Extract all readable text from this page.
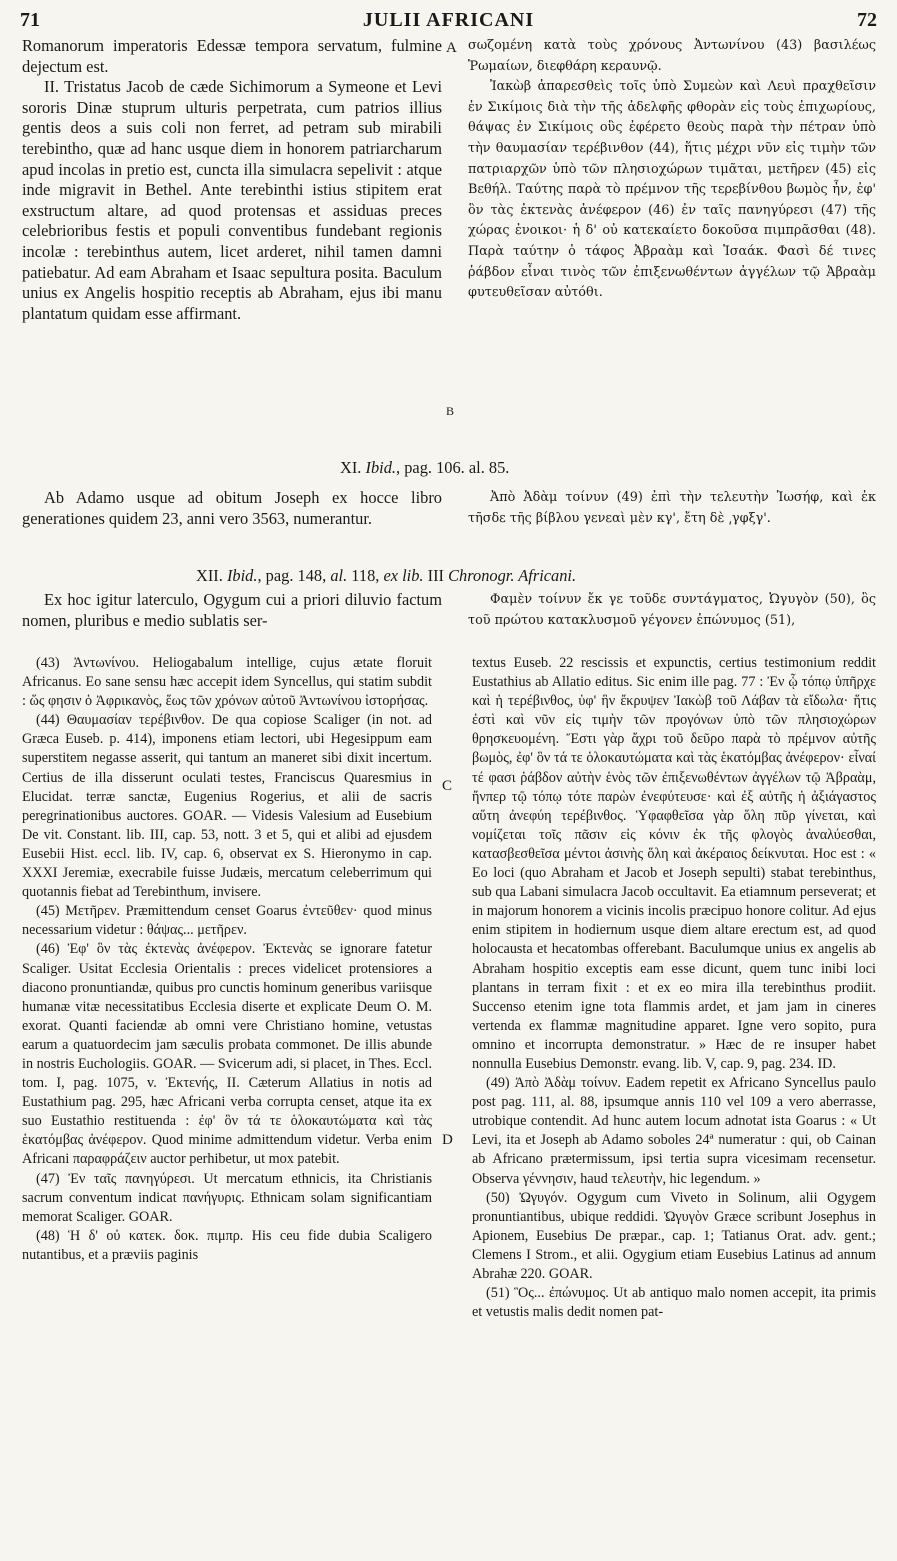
71	JULII AFRICANI	72

Romanorum imperatoris Edessæ tempora servatum, fulmine dejectum est.

II. Tristatus Jacob de cæde Sichimorum a Symeone et Levi sororis Dinæ stuprum ulturis perpetrata, cum patrios illius gentis deos a suis coli non ferret, ad petram sub mirabili terebintho, quæ ad hanc usque diem in honorem patriarcharum apud incolas in pretio est, cuncta illa simulacra sepelivit : atque inde migravit in Bethel. Ante terebinthi istius stipitem erat exstructum altare, ad quod protensas et assiduas preces celebrioribus festis et populi conventibus fundebant regionis incolæ : terebinthus autem, licet arderet, nihil tamen damni patiebatur. Ad eam Abraham et Isaac sepultura posita. Baculum unius ex Angelis hospitio receptis ab Abraham, ejus ibi manu plantatum quidam esse affirmant.

A
B

σωζομένη κατὰ τοὺς χρόνους Ἀντωνίνου (43) βασιλέως Ῥωμαίων, διεφθάρη κεραυνῷ.

Ἰακὼβ ἀπαρεσθεὶς τοῖς ὑπὸ Συμεὼν καὶ Λευὶ πραχθεῖσιν ἐν Σικίμοις διὰ τὴν τῆς ἀδελφῆς φθορὰν εἰς τοὺς ἐπιχωρίους, θάψας ἐν Σικίμοις οὓς ἐφέρετο θεοὺς παρὰ τὴν πέτραν ὑπὸ τὴν θαυμασίαν τερέβινθον (44), ἥτις μέχρι νῦν εἰς τιμὴν τῶν πατριαρχῶν ὑπὸ τῶν πλησιοχώρων τιμᾶται, μετῆρεν (45) εἰς Βεθήλ. Ταύτης παρὰ τὸ πρέμνον τῆς τερεβίνθου βωμὸς ἦν, ἐφ' ὃν τὰς ἐκτενὰς ἀνέφερον (46) ἐν ταῖς πανηγύρεσι (47) τῆς χώρας ἐνοικοι· ἡ δ' οὐ κατεκαίετο δοκοῦσα πιμπρᾶσθαι (48). Παρὰ ταύτην ὁ τάφος Ἀβραὰμ καὶ Ἰσαάκ. Φασὶ δέ τινες ῥάβδον εἶναι τινὸς τῶν ἐπιξενωθέντων ἀγγέλων τῷ Ἀβραὰμ φυτευθεῖσαν αὐτόθι.

XI. Ibid., pag. 106. al. 85.

Ab Adamo usque ad obitum Joseph ex hocce libro generationes quidem 23, anni vero 3563, numerantur.

Ἀπὸ Ἀδὰμ τοίνυν (49) ἐπὶ τὴν τελευτὴν Ἰωσήφ, καὶ ἐκ τῆσδε τῆς βίβλου γενεαὶ μὲν κγ', ἔτη δὲ ͵γφξγ'.

XII. Ibid., pag. 148, al. 118, ex lib. III Chronogr. Africani.

Ex hoc igitur laterculo, Ogygum cui a priori diluvio factum nomen, pluribus e medio sublatis ser-

Φαμὲν τοίνυν ἔκ γε τοῦδε συντάγματος, Ὠγυγὸν (50), ὃς τοῦ πρώτου κατακλυσμοῦ γέγονεν ἐπώνυμος (51),

(43) Ἀντωνίνου. Heliogabalum intellige, cujus ætate floruit Africanus. Eo sane sensu hæc accepit idem Syncellus, qui statim subdit : ὥς φησιν ὁ Ἀφρικανὸς, ἕως τῶν χρόνων αὐτοῦ Ἀντωνίνου ἱστορήσας.

(44) Θαυμασίαν τερέβινθον. De qua copiose Scaliger (in not. ad Græca Euseb. p. 414), imponens etiam lectori, ubi Hegesippum eam superstitem negasse asserit, qui tantum an maneret sibi dixit incertum. Certius de illa disserunt oculati testes, Franciscus Quaresmius in Elucidat. terræ sanctæ, Eugenius Rogerius, et alii de sacris peregrinationibus auctores. GOAR. — Videsis Valesium ad Eusebium De vit. Constant. lib. III, cap. 53, nott. 3 et 5, qui et alibi ad ejusdem Eusebii Hist. eccl. lib. IV, cap. 6, observat ex S. Hieronymo in cap. XXXI Jeremiæ, execrabile fuisse Judæis, mercatum celeberrimum qui quotannis fiebat ad Terebinthum, invisere.

(45) Μετῆρεν. Præmittendum censet Goarus ἐντεῦθεν· quod minus necessarium videtur : θάψας... μετῆρεν.

(46) Ἐφ' ὃν τὰς ἐκτενὰς ἀνέφερον. Ἐκτενὰς se ignorare fatetur Scaliger. Usitat Ecclesia Orientalis : preces videlicet protensiores a diacono pronuntiandæ, quibus pro cunctis hominum generibus variisque humanæ vitæ necessitatibus Ecclesia diserte et explicate Deum O. M. exorat. Quanti faciendæ ab omni vere Christiano homine, vetustas earum a quatuordecim jam sæculis probata commonet. De illis abunde in nostris Euchologiis. GOAR. — Svicerum adi, si placet, in Thes. Eccl. tom. I, pag. 1075, v. Ἐκτενής, II. Cæterum Allatius in notis ad Eustathium pag. 295, hæc Africani verba corrupta censet, atque ita ex suo Eustathio restituenda : ἐφ' ὃν τά τε ὁλοκαυτώματα καὶ τὰς ἑκατόμβας ἀνέφερον. Quod minime admittendum videtur. Verba enim Africani παραφράζειν auctor perhibetur, ut mox patebit.

(47) Ἐν ταῖς πανηγύρεσι. Ut mercatum ethnicis, ita Christianis sacrum conventum indicat πανήγυρις. Ethnicam solam significantiam memorat Scaliger. GOAR.

(48) Ἡ δ' οὐ κατεκ. δοκ. πιμπρ. His ceu fide dubia Scaligero nutantibus, et a præviis paginis

C
D

textus Euseb. 22 rescissis et expunctis, certius testimonium reddit Eustathius ab Allatio editus. Sic enim ille pag. 77 : Ἐν ᾧ τόπῳ ὑπῆρχε καὶ ἡ τερέβινθος, ὑφ' ἣν ἔκρυψεν Ἰακὼβ τοῦ Λάβαν τὰ εἴδωλα· ἥτις ἐστὶ καὶ νῦν εἰς τιμὴν τῶν προγόνων ὑπὸ τῶν πλησιοχώρων θρησκευομένη. Ἔστι γὰρ ἄχρι τοῦ δεῦρο παρὰ τὸ πρέμνον αὐτῆς βωμὸς, ἐφ' ὃν τά τε ὁλοκαυτώματα καὶ τὰς ἑκατόμβας ἀνέφερον· εἶναί τέ φασι ῥάβδον αὐτὴν ἑνὸς τῶν ἐπιξενωθέντων ἀγγέλων τῷ Ἀβραὰμ, ἥνπερ τῷ τόπῳ τότε παρὼν ἐνεφύτευσε· καὶ ἐξ αὐτῆς ἡ ἀξιάγαστος αὕτη ἀνεφύη τερέβινθος. Ὑφαφθεῖσα γὰρ ὅλη πῦρ γίνεται, καὶ νομίζεται τοῖς πᾶσιν εἰς κόνιν ἐκ τῆς φλογὸς ἀναλύεσθαι, κατασβεσθεῖσα μέντοι ἀσινὴς ὅλη καὶ ἀκέραιος δείκνυται. Hoc est : « Eo loci (quo Abraham et Jacob et Joseph sepulti) stabat terebinthus, sub qua Labani simulacra Jacob occultavit. Ea etiamnum perseverat; et in majorum honorem a vicinis incolis præcipuo honore colitur. Ad ejus enim stipitem in hodiernum usque diem altare erectum est, ad quod holocausta et hecatombas offerebant. Baculumque unius ex angelis ab Abraham hospitio exceptis eam esse dicunt, quem tunc inibi loci plantans in terram fixit : et ex eo mira illa terebinthus prodiit. Succenso etenim igne tota flammis ardet, et jam jam in cineres vertenda ex flammæ magnitudine apparet. Igne vero sopito, pura omnino et incorrupta demonstratur. » Hæc de re insuper habet nonnulla Eusebius Demonstr. evang. lib. V, cap. 9, pag. 234. ID.

(49) Ἀπὸ Ἀδὰμ τοίνυν. Eadem repetit ex Africano Syncellus paulo post pag. 111, al. 88, ipsumque annis 110 vel 109 a vero aberrasse, utrobique contendit. Ad hunc autem locum adnotat ista Goarus : « Ut Levi, ita et Joseph ab Adamo soboles 24ª numeratur : qui, ob Cainan ab Africano prætermissum, ipsi tertia supra vicesimam recensetur. Observa γέννησιν, haud τελευτὴν, hic legendum. »

(50) Ὠγυγόν. Ogygum cum Viveto in Solinum, alii Ogygem pronuntiantibus, ubique reddidi. Ὠγυγὸν Græce scribunt Josephus in Apionem, Eusebius De præpar., cap. 1; Tatianus Orat. adv. gent.; Clemens I Strom., et alii. Ogygium etiam Eusebius Latinus ad annum Abrahæ 220. GOAR.

(51) Ὃς... ἐπώνυμος. Ut ab antiquo malo nomen accepit, ita primis et vetustis malis dedit nomen pat-
